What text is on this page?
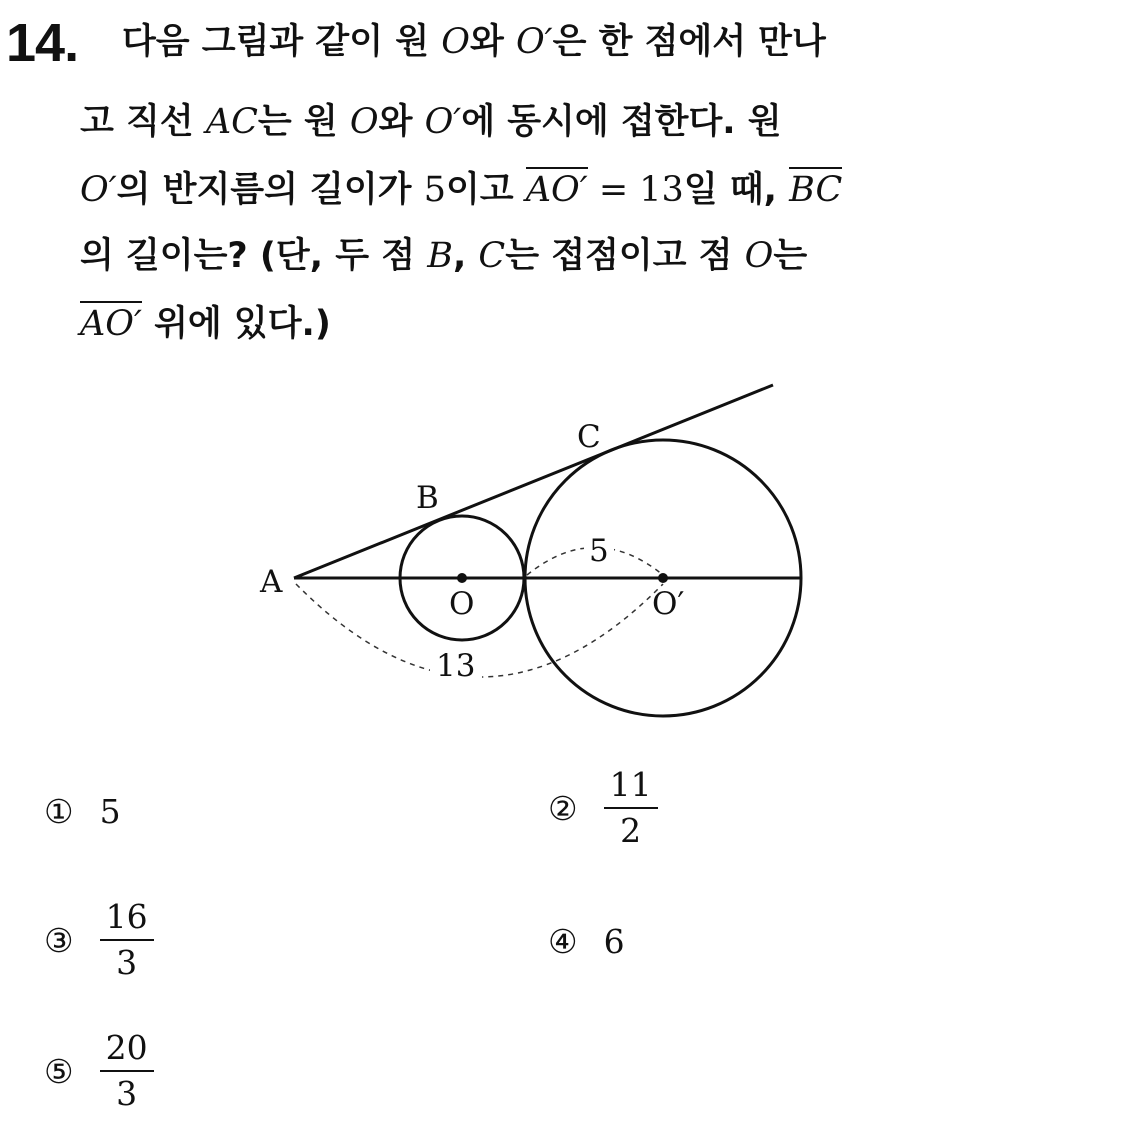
14. 다음 그림과 같이 원 O와 O′은 한 점에서 만나
고 직선 AC는 원 O와 O′에 동시에 접한다. 원
O′의 반지름의 길이가 5이고 AO′ = 13일 때, BC
의 길이는? (단, 두 점 B, C는 접점이고 점 O는
AO′ 위에 있다.)
A
B
C
O	O′
5
13
① 5	② $\frac{11}{2}$
③ $\frac{16}{3}$	④ 6
⑤ $\frac{20}{3}$
